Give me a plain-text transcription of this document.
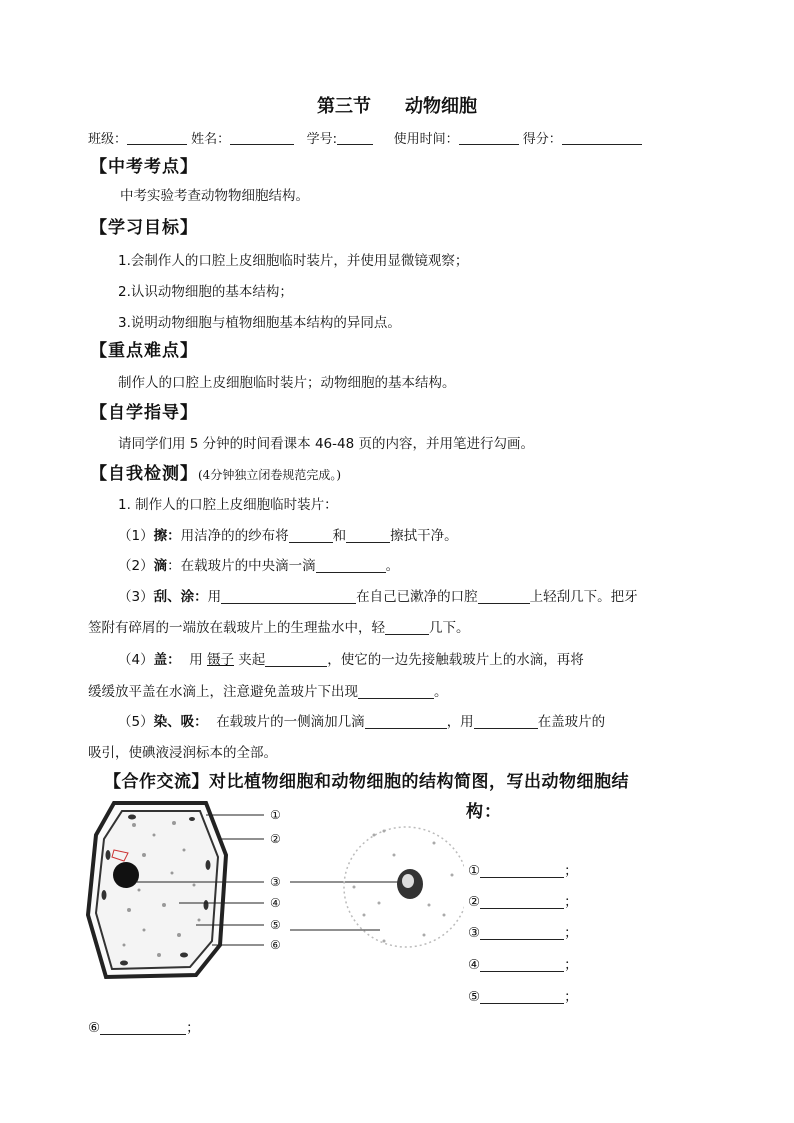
第三节 动物细胞
班级：	姓名：	学号:	使用时间：	得分：
【中考考点】
中考实验考查动物物细胞结构。
【学习目标】
1.会制作人的口腔上皮细胞临时装片，并使用显微镜观察；
2.认识动物细胞的基本结构；
3.说明动物细胞与植物细胞基本结构的异同点。
【重点难点】
制作人的口腔上皮细胞临时装片；动物细胞的基本结构。
【自学指导】
请同学们用 5 分钟的时间看课本 46-48 页的内容，并用笔进行勾画。
【自我检测】(4分钟独立闭卷规范完成。)
1. 制作人的口腔上皮细胞临时装片：
（1）擦：用洁净的的纱布将	和	擦拭干净。
（2）滴：在载玻片的中央滴一滴	。
（3）刮、涂：用	在自己已漱净的口腔	上轻刮几下。把牙
签附有碎屑的一端放在载玻片上的生理盐水中，轻	几下。
（4）盖： 用 镊子 夹起	，使它的一边先接触载玻片上的水滴，再将
缓缓放平盖在水滴上，注意避免盖玻片下出现	。
（5）染、吸： 在载玻片的一侧滴加几滴	，用	在盖玻片的
吸引，使碘液浸润标本的全部。
【合作交流】对比植物细胞和动物细胞的结构简图，写出动物细胞结
构：
①
②
③
④
⑤
⑥
①	；
②	；
③	；
④	；
⑤	；
⑥	；
